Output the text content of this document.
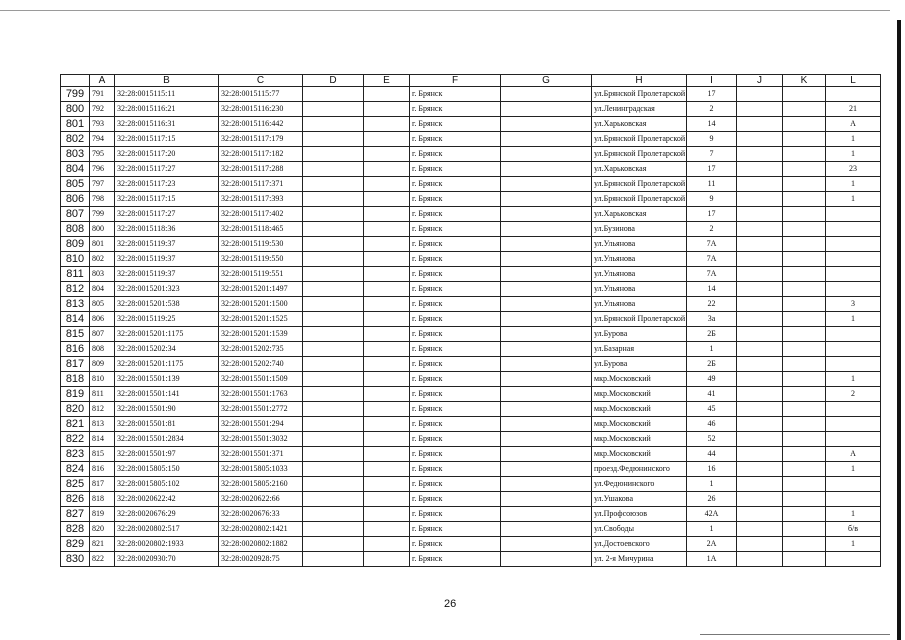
	A	B	C	D	E	F	G	H	I	J	K	L
799	791	32:28:0015115:11	32:28:0015115:77			г. Брянск		ул.Брянской Пролетарской	17			
800	792	32:28:0015116:21	32:28:0015116:230			г. Брянск		ул.Ленинградская	2			21
801	793	32:28:0015116:31	32:28:0015116:442			г. Брянск		ул.Харьковская	14			А
802	794	32:28:0015117:15	32:28:0015117:179			г. Брянск		ул.Брянской Пролетарской	9			1
803	795	32:28:0015117:20	32:28:0015117:182			г. Брянск		ул.Брянской Пролетарской	7			1
804	796	32:28:0015117:27	32:28:0015117:288			г. Брянск		ул.Харьковская	17			23
805	797	32:28:0015117:23	32:28:0015117:371			г. Брянск		ул.Брянской Пролетарской	11			1
806	798	32:28:0015117:15	32:28:0015117:393			г. Брянск		ул.Брянской Пролетарской	9			1
807	799	32:28:0015117:27	32:28:0015117:402			г. Брянск		ул.Харьковская	17			
808	800	32:28:0015118:36	32:28:0015118:465			г. Брянск		ул.Бузинова	2			
809	801	32:28:0015119:37	32:28:0015119:530			г. Брянск		ул.Ульянова	7А			
810	802	32:28:0015119:37	32:28:0015119:550			г. Брянск		ул.Ульянова	7А			
811	803	32:28:0015119:37	32:28:0015119:551			г. Брянск		ул.Ульянова	7А			
812	804	32:28:0015201:323	32:28:0015201:1497			г. Брянск		ул.Ульянова	14			
813	805	32:28:0015201:538	32:28:0015201:1500			г. Брянск		ул.Ульянова	22			3
814	806	32:28:0015119:25	32:28:0015201:1525			г. Брянск		ул.Брянской Пролетарской	3а			1
815	807	32:28:0015201:1175	32:28:0015201:1539			г. Брянск		ул.Бурова	2Б			
816	808	32:28:0015202:34	32:28:0015202:735			г. Брянск		ул.Базарная	1			
817	809	32:28:0015201:1175	32:28:0015202:740			г. Брянск		ул.Бурова	2Б			
818	810	32:28:0015501:139	32:28:0015501:1509			г. Брянск		мкр.Московский	49			1
819	811	32:28:0015501:141	32:28:0015501:1763			г. Брянск		мкр.Московский	41			2
820	812	32:28:0015501:90	32:28:0015501:2772			г. Брянск		мкр.Московский	45			
821	813	32:28:0015501:81	32:28:0015501:294			г. Брянск		мкр.Московский	46			
822	814	32:28:0015501:2834	32:28:0015501:3032			г. Брянск		мкр.Московский	52			
823	815	32:28:0015501:97	32:28:0015501:371			г. Брянск		мкр.Московский	44			А
824	816	32:28:0015805:150	32:28:0015805:1033			г. Брянск		проезд.Федюнинского	16			1
825	817	32:28:0015805:102	32:28:0015805:2160			г. Брянск		ул.Федюнинского	1			
826	818	32:28:0020622:42	32:28:0020622:66			г. Брянск		ул.Ушакова	26			
827	819	32:28:0020676:29	32:28:0020676:33			г. Брянск		ул.Профсоюзов	42А			1
828	820	32:28:0020802:517	32:28:0020802:1421			г. Брянск		ул.Свободы	1			б/в
829	821	32:28:0020802:1933	32:28:0020802:1882			г. Брянск		ул.Достоевского	2А			1
830	822	32:28:0020930:70	32:28:0020928:75			г. Брянск		ул. 2-я Мичурина	1А			
26
